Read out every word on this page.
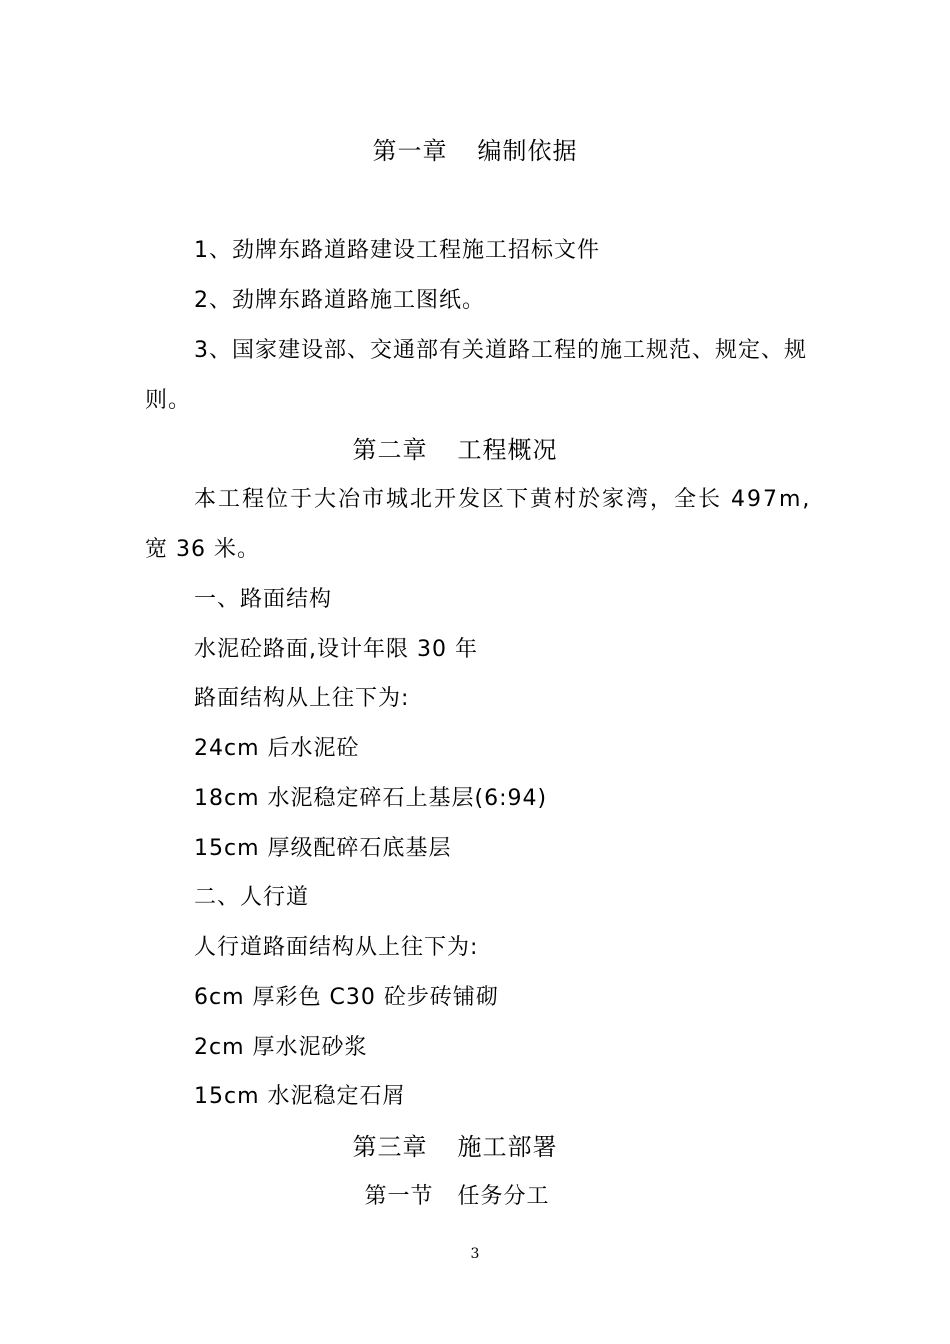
第一章 编制依据
1、劲牌东路道路建设工程施工招标文件
2、劲牌东路道路施工图纸。
3、国家建设部、交通部有关道路工程的施工规范、规定、规
则。
第二章 工程概况
本工程位于大冶市城北开发区下黄村於家湾，全长 497m,
宽 36 米。
一、路面结构
水泥砼路面,设计年限 30 年
路面结构从上往下为:
24cm 后水泥砼
18cm 水泥稳定碎石上基层(6:94)
15cm 厚级配碎石底基层
二、人行道
人行道路面结构从上往下为:
6cm 厚彩色 C30 砼步砖铺砌
2cm 厚水泥砂浆
15cm 水泥稳定石屑
第三章 施工部署
第一节 任务分工
3
